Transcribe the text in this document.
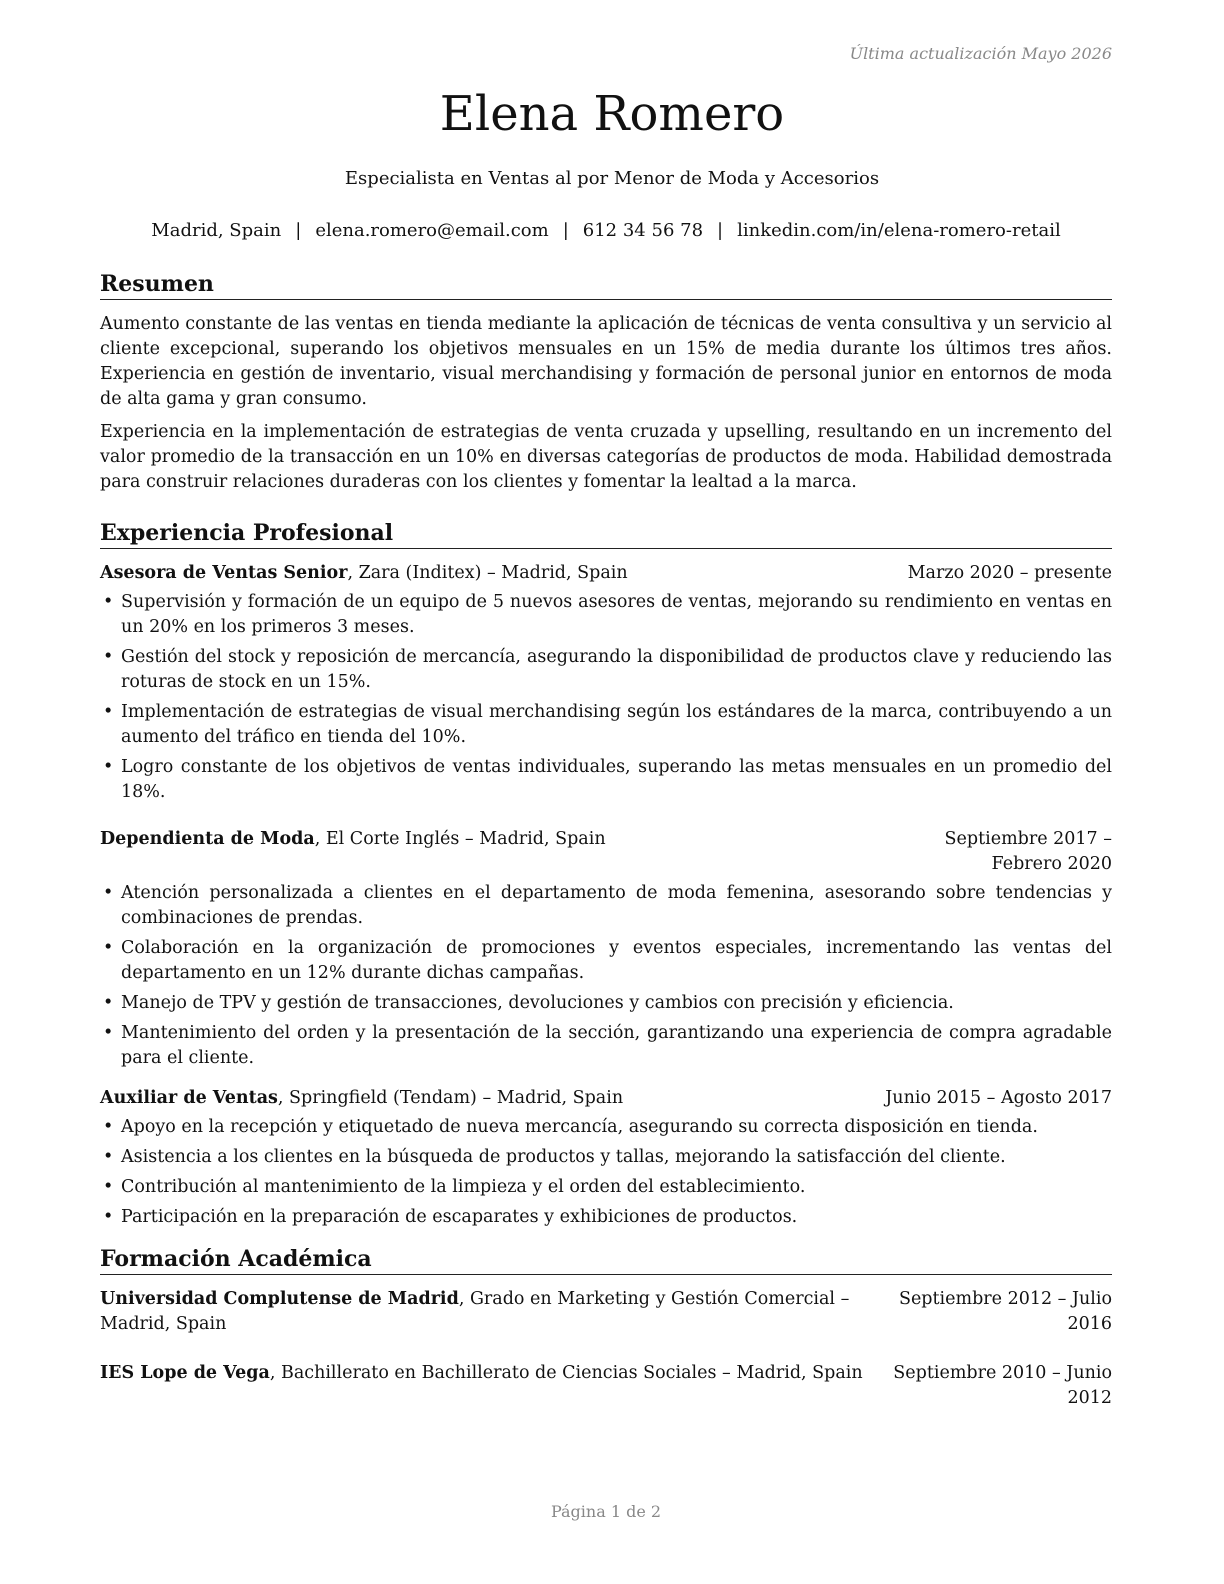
Última actualización Mayo 2026
Elena Romero
Especialista en Ventas al por Menor de Moda y Accesorios
Madrid, Spain | elena.romero@email.com | 612 34 56 78 | linkedin.com/in/elena-romero-retail
Resumen

Aumento constante de las ventas en tienda mediante la aplicación de técnicas de venta consultiva y un servicio al cliente excepcional, superando los objetivos mensuales en un 15% de media durante los últimos tres años. Experiencia en gestión de inventario, visual merchandising y formación de personal junior en entornos de moda de alta gama y gran consumo.

Experiencia en la implementación de estrategias de venta cruzada y upselling, resultando en un incremento del valor promedio de la transacción en un 10% en diversas categorías de productos de moda. Habilidad demostrada para construir relaciones duraderas con los clientes y fomentar la lealtad a la marca.

Experiencia Profesional
Asesora de Ventas Senior, Zara (Inditex) – Madrid, Spain	Marzo 2020 – presente
• Supervisión y formación de un equipo de 5 nuevos asesores de ventas, mejorando su rendimiento en ventas en un 20% en los primeros 3 meses.
• Gestión del stock y reposición de mercancía, asegurando la disponibilidad de productos clave y reduciendo las roturas de stock en un 15%.
• Implementación de estrategias de visual merchandising según los estándares de la marca, contribuyendo a un aumento del tráfico en tienda del 10%.
• Logro constante de los objetivos de ventas individuales, superando las metas mensuales en un promedio del 18%.
Dependienta de Moda, El Corte Inglés – Madrid, Spain	Septiembre 2017 – Febrero 2020
• Atención personalizada a clientes en el departamento de moda femenina, asesorando sobre tendencias y combinaciones de prendas.
• Colaboración en la organización de promociones y eventos especiales, incrementando las ventas del departamento en un 12% durante dichas campañas.
• Manejo de TPV y gestión de transacciones, devoluciones y cambios con precisión y eficiencia.
• Mantenimiento del orden y la presentación de la sección, garantizando una experiencia de compra agradable para el cliente.
Auxiliar de Ventas, Springfield (Tendam) – Madrid, Spain	Junio 2015 – Agosto 2017
• Apoyo en la recepción y etiquetado de nueva mercancía, asegurando su correcta disposición en tienda.
• Asistencia a los clientes en la búsqueda de productos y tallas, mejorando la satisfacción del cliente.
• Contribución al mantenimiento de la limpieza y el orden del establecimiento.
• Participación en la preparación de escaparates y exhibiciones de productos.
Formación Académica
Universidad Complutense de Madrid, Grado en Marketing y Gestión Comercial – Madrid, Spain
Septiembre 2012 – Julio 2016
IES Lope de Vega, Bachillerato en Bachillerato de Ciencias Sociales – Madrid, Spain	Septiembre 2010 – Junio 2012
Página 1 de 2
